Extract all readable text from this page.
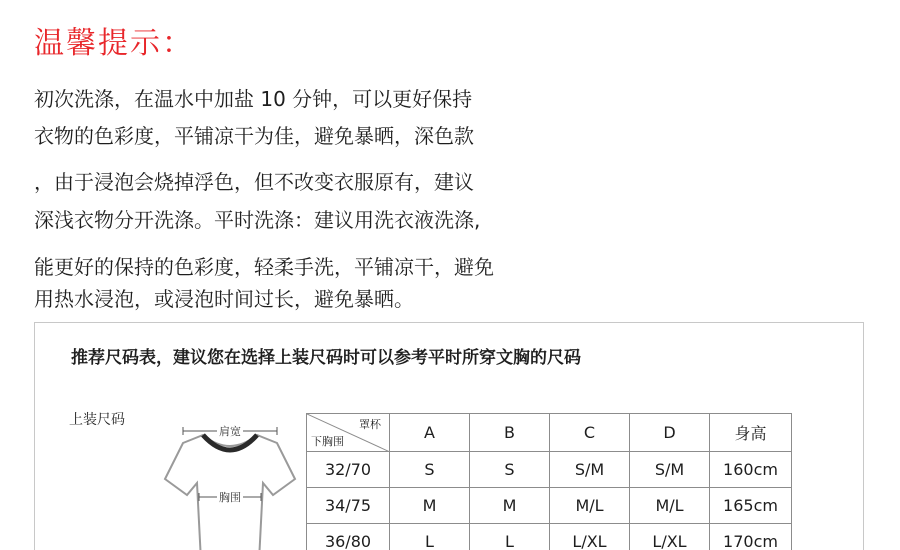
温馨提示：
初次洗涤，在温水中加盐 10 分钟，可以更好保持
衣物的色彩度，平铺凉干为佳，避免暴晒，深色款
，由于浸泡会烧掉浮色，但不改变衣服原有，建议
深浅衣物分开洗涤。平时洗涤：建议用洗衣液洗涤,
能更好的保持的色彩度，轻柔手洗，平铺凉干，避免
用热水浸泡，或浸泡时间过长，避免暴晒。
推荐尺码表，建议您在选择上装尺码时可以参考平时所穿文胸的尺码
上装尺码
肩宽
胸围
罩杯
下胸围	A	B	C	D	身高
32/70	S	S	S/M	S/M	160cm
34/75	M	M	M/L	M/L	165cm
36/80	L	L	L/XL	L/XL	170cm
